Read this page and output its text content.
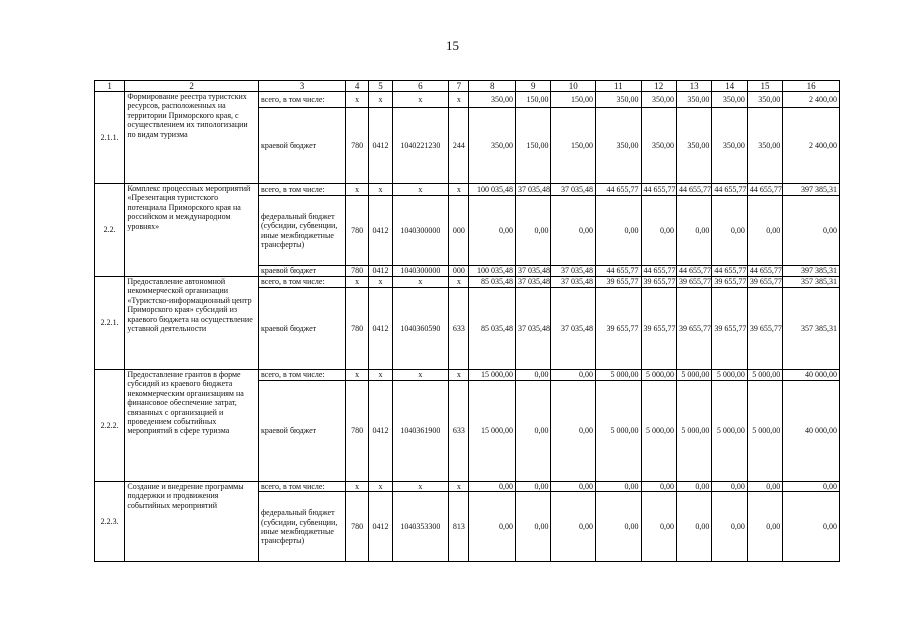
15
1	2	3	4	5	6	7	8	9	10	11	12	13	14	15	16
2.1.1.	Формирование реестра туристских ресурсов, расположенных на территории Приморского края, с осуществлением их типологизации по видам туризма	всего, в том числе:	x	x	x	x	350,00	150,00	150,00	350,00	350,00	350,00	350,00	350,00	2 400,00
		краевой бюджет	780	0412	1040221230	244	350,00	150,00	150,00	350,00	350,00	350,00	350,00	350,00	2 400,00
2.2.	Комплекс процессных мероприятий «Презентация туристского потенциала Приморского края на российском и международном уровнях»	всего, в том числе:	x	x	x	x	100 035,48	37 035,48	37 035,48	44 655,77	44 655,77	44 655,77	44 655,77	44 655,77	397 385,31
		федеральный бюджет (субсидии, субвенции, иные межбюджетные трансферты)	780	0412	1040300000	000	0,00	0,00	0,00	0,00	0,00	0,00	0,00	0,00	0,00
		краевой бюджет	780	0412	1040300000	000	100 035,48	37 035,48	37 035,48	44 655,77	44 655,77	44 655,77	44 655,77	44 655,77	397 385,31
2.2.1.	Предоставление автономной некоммерческой организации «Туристско-информационный центр Приморского края» субсидий из краевого бюджета на осуществление уставной деятельности	всего, в том числе:	x	x	x	x	85 035,48	37 035,48	37 035,48	39 655,77	39 655,77	39 655,77	39 655,77	39 655,77	357 385,31
		краевой бюджет	780	0412	1040360590	633	85 035,48	37 035,48	37 035,48	39 655,77	39 655,77	39 655,77	39 655,77	39 655,77	357 385,31
2.2.2.	Предоставление грантов в форме субсидий из краевого бюджета некоммерческим организациям на финансовое обеспечение затрат, связанных с организацией и проведением событийных мероприятий в сфере туризма	всего, в том числе:	x	x	x	x	15 000,00	0,00	0,00	5 000,00	5 000,00	5 000,00	5 000,00	5 000,00	40 000,00
		краевой бюджет	780	0412	1040361900	633	15 000,00	0,00	0,00	5 000,00	5 000,00	5 000,00	5 000,00	5 000,00	40 000,00
2.2.3.	Создание и внедрение программы поддержки и продвижения событийных мероприятий	всего, в том числе:	x	x	x	x	0,00	0,00	0,00	0,00	0,00	0,00	0,00	0,00	0,00
		федеральный бюджет (субсидии, субвенции, иные межбюджетные трансферты)	780	0412	1040353300	813	0,00	0,00	0,00	0,00	0,00	0,00	0,00	0,00	0,00
